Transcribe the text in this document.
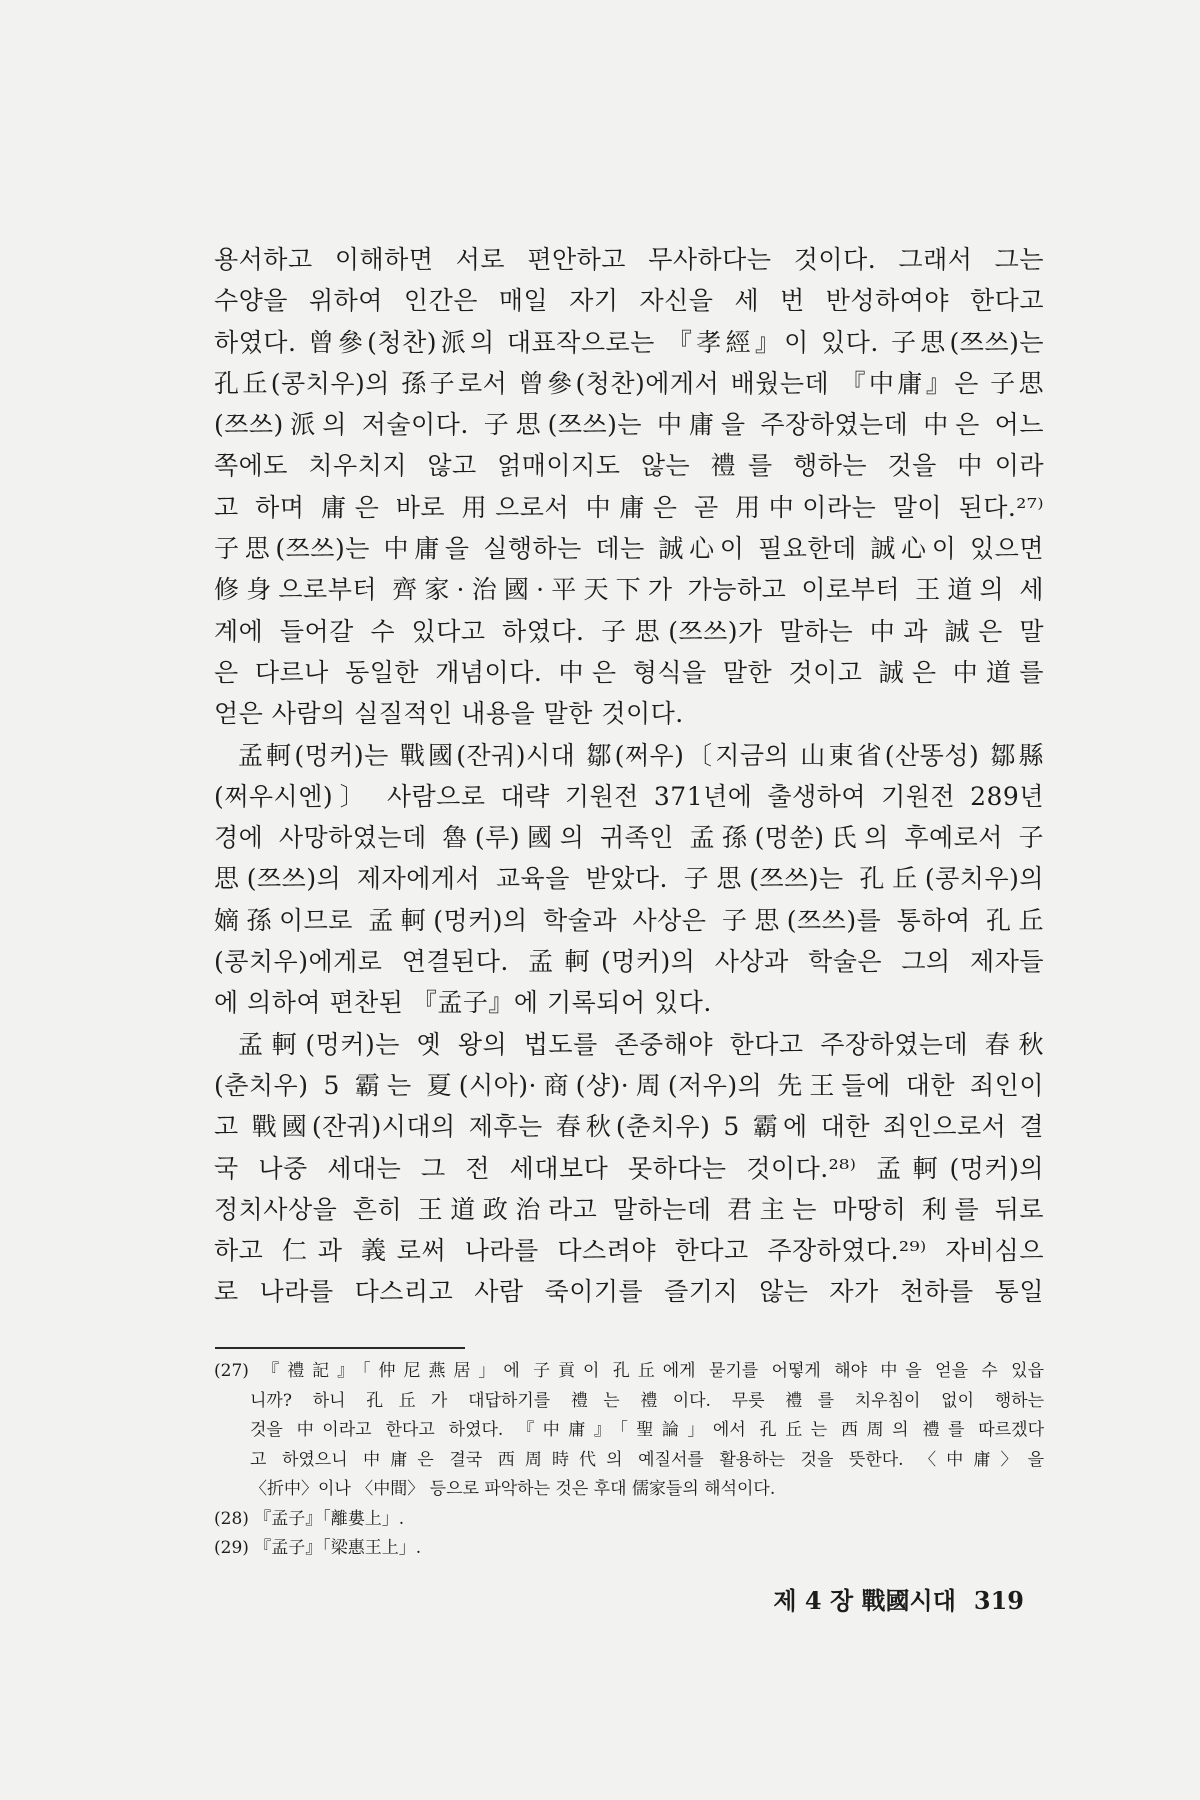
용서하고 이해하면 서로 편안하고 무사하다는 것이다. 그래서 그는
수양을 위하여 인간은 매일 자기 자신을 세 번 반성하여야 한다고
하였다. 曾參(청찬)派의 대표작으로는 『孝經』이 있다. 子思(쯔쓰)는
孔丘(콩치우)의 孫子로서 曾參(청찬)에게서 배웠는데 『中庸』은 子思
(쯔쓰)派의 저술이다. 子思(쯔쓰)는 中庸을 주장하였는데 中은 어느
쪽에도 치우치지 않고 얽매이지도 않는 禮를 행하는 것을 中이라
고 하며 庸은 바로 用으로서 中庸은 곧 用中이라는 말이 된다.²⁷⁾
子思(쯔쓰)는 中庸을 실행하는 데는 誠心이 필요한데 誠心이 있으면
修身으로부터 齊家·治國·平天下가 가능하고 이로부터 王道의 세
계에 들어갈 수 있다고 하였다. 子思(쯔쓰)가 말하는 中과 誠은 말
은 다르나 동일한 개념이다. 中은 형식을 말한 것이고 誠은 中道를
얻은 사람의 실질적인 내용을 말한 것이다.
孟軻(멍커)는 戰國(잔궈)시대 鄒(쩌우)〔지금의 山東省(산똥성) 鄒縣
(쩌우시엔)〕 사람으로 대략 기원전 371년에 출생하여 기원전 289년
경에 사망하였는데 魯(루)國의 귀족인 孟孫(멍쑨)氏의 후예로서 子
思(쯔쓰)의 제자에게서 교육을 받았다. 子思(쯔쓰)는 孔丘(콩치우)의
嫡孫이므로 孟軻(멍커)의 학술과 사상은 子思(쯔쓰)를 통하여 孔丘
(콩치우)에게로 연결된다. 孟軻(멍커)의 사상과 학술은 그의 제자들
에 의하여 편찬된 『孟子』에 기록되어 있다.
孟軻(멍커)는 옛 왕의 법도를 존중해야 한다고 주장하였는데 春秋
(춘치우) 5 霸는 夏(시아)·商(샹)·周(저우)의 先王들에 대한 죄인이
고 戰國(잔궈)시대의 제후는 春秋(춘치우) 5 霸에 대한 죄인으로서 결
국 나중 세대는 그 전 세대보다 못하다는 것이다.²⁸⁾ 孟軻(멍커)의
정치사상을 흔히 王道政治라고 말하는데 君主는 마땅히 利를 뒤로
하고 仁과 義로써 나라를 다스려야 한다고 주장하였다.²⁹⁾ 자비심으
로 나라를 다스리고 사람 죽이기를 즐기지 않는 자가 천하를 통일
(27) 『禮記』「仲尼燕居」에 子貢이 孔丘에게 묻기를 어떻게 해야 中을 얻을 수 있읍
니까? 하니 孔丘가 대답하기를 禮는 禮이다. 무릇 禮를 치우침이 없이 행하는
것을 中이라고 한다고 하였다. 『中庸』「聖論」에서 孔丘는 西周의 禮를 따르겠다
고 하였으니 中庸은 결국 西周時代의 예질서를 활용하는 것을 뜻한다. 〈中庸〉을
〈折中〉이나 〈中間〉 등으로 파악하는 것은 후대 儒家들의 해석이다.
(28) 『孟子』「離婁上」.
(29) 『孟子』「梁惠王上」.
제 4 장 戰國시대 319
